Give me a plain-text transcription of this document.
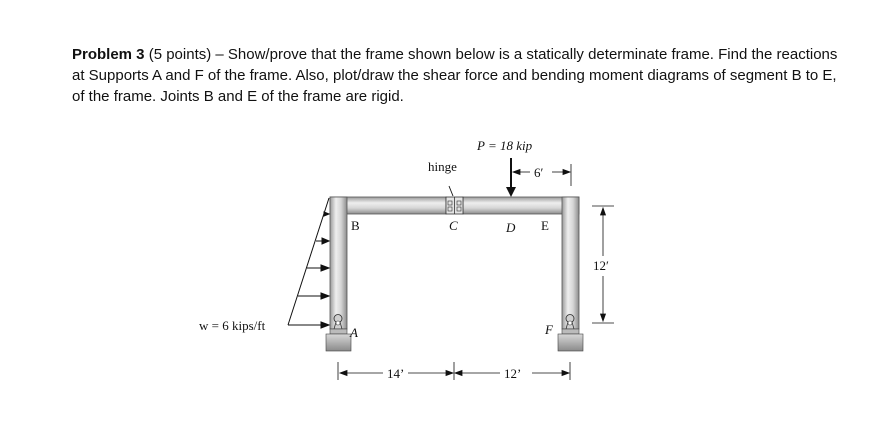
Problem 3 (5 points) – Show/prove that the frame shown below is a statically determinate frame. Find the reactions at Supports A and F of the frame. Also, plot/draw the shear force and bending moment diagrams of segment B to E, of the frame. Joints B and E of the frame are rigid.
P = 18 kip
hinge
B	C	D E
A	F
w = 6 kips/ft
14’	12’
6′
12′
